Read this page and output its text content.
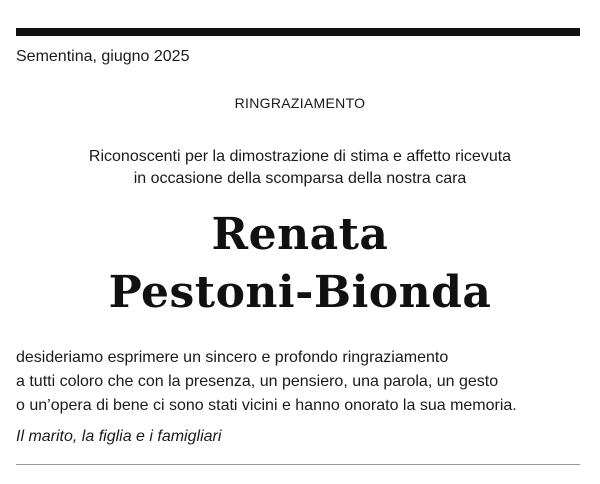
Sementina, giugno 2025
RINGRAZIAMENTO
Riconoscenti per la dimostrazione di stima e affetto ricevuta
in occasione della scomparsa della nostra cara
Renata
Pestoni-Bionda
desideriamo esprimere un sincero e profondo ringraziamento
a tutti coloro che con la presenza, un pensiero, una parola, un gesto
o un’opera di bene ci sono stati vicini e hanno onorato la sua memoria.
Il marito, la figlia e i famigliari
